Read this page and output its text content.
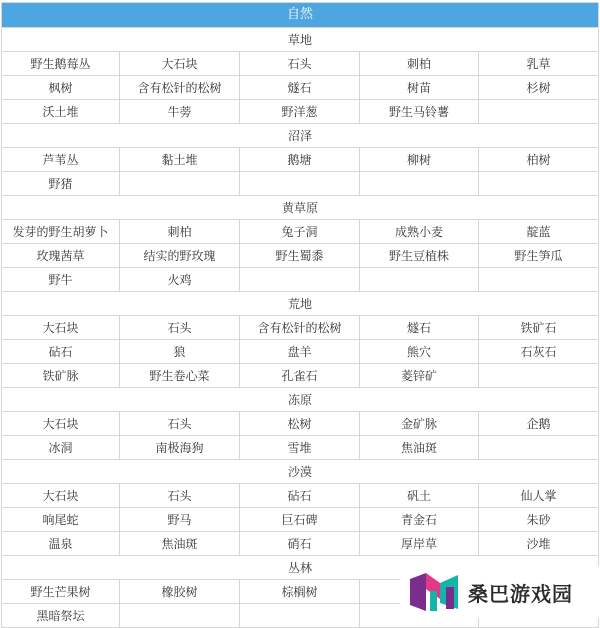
自然				
草地				
野生鹅莓丛	大石块	石头	刺柏	乳草
枫树	含有松针的松树	燧石	树苗	杉树
沃土堆	牛蒡	野洋葱	野生马铃薯	
沼泽				
芦苇丛	黏土堆	鹅塘	柳树	柏树
野猪				
黄草原				
发芽的野生胡萝卜	刺柏	兔子洞	成熟小麦	靛蓝
玫瑰茜草	结实的野玫瑰	野生蜀黍	野生豆植株	野生笋瓜
野牛	火鸡			
荒地				
大石块	石头	含有松针的松树	燧石	铁矿石
砧石	狼	盘羊	熊穴	石灰石
铁矿脉	野生卷心菜	孔雀石	菱锌矿	
冻原				
大石块	石头	松树	金矿脉	企鹅
冰洞	南极海狗	雪堆	焦油斑	
沙漠				
大石块	石头	砧石	矾土	仙人掌
响尾蛇	野马	巨石碑	青金石	朱砂
温泉	焦油斑	硝石	厚岸草	沙堆
丛林				
野生芒果树	橡胶树	棕榈树		
黑暗祭坛				
桑巴游戏园
